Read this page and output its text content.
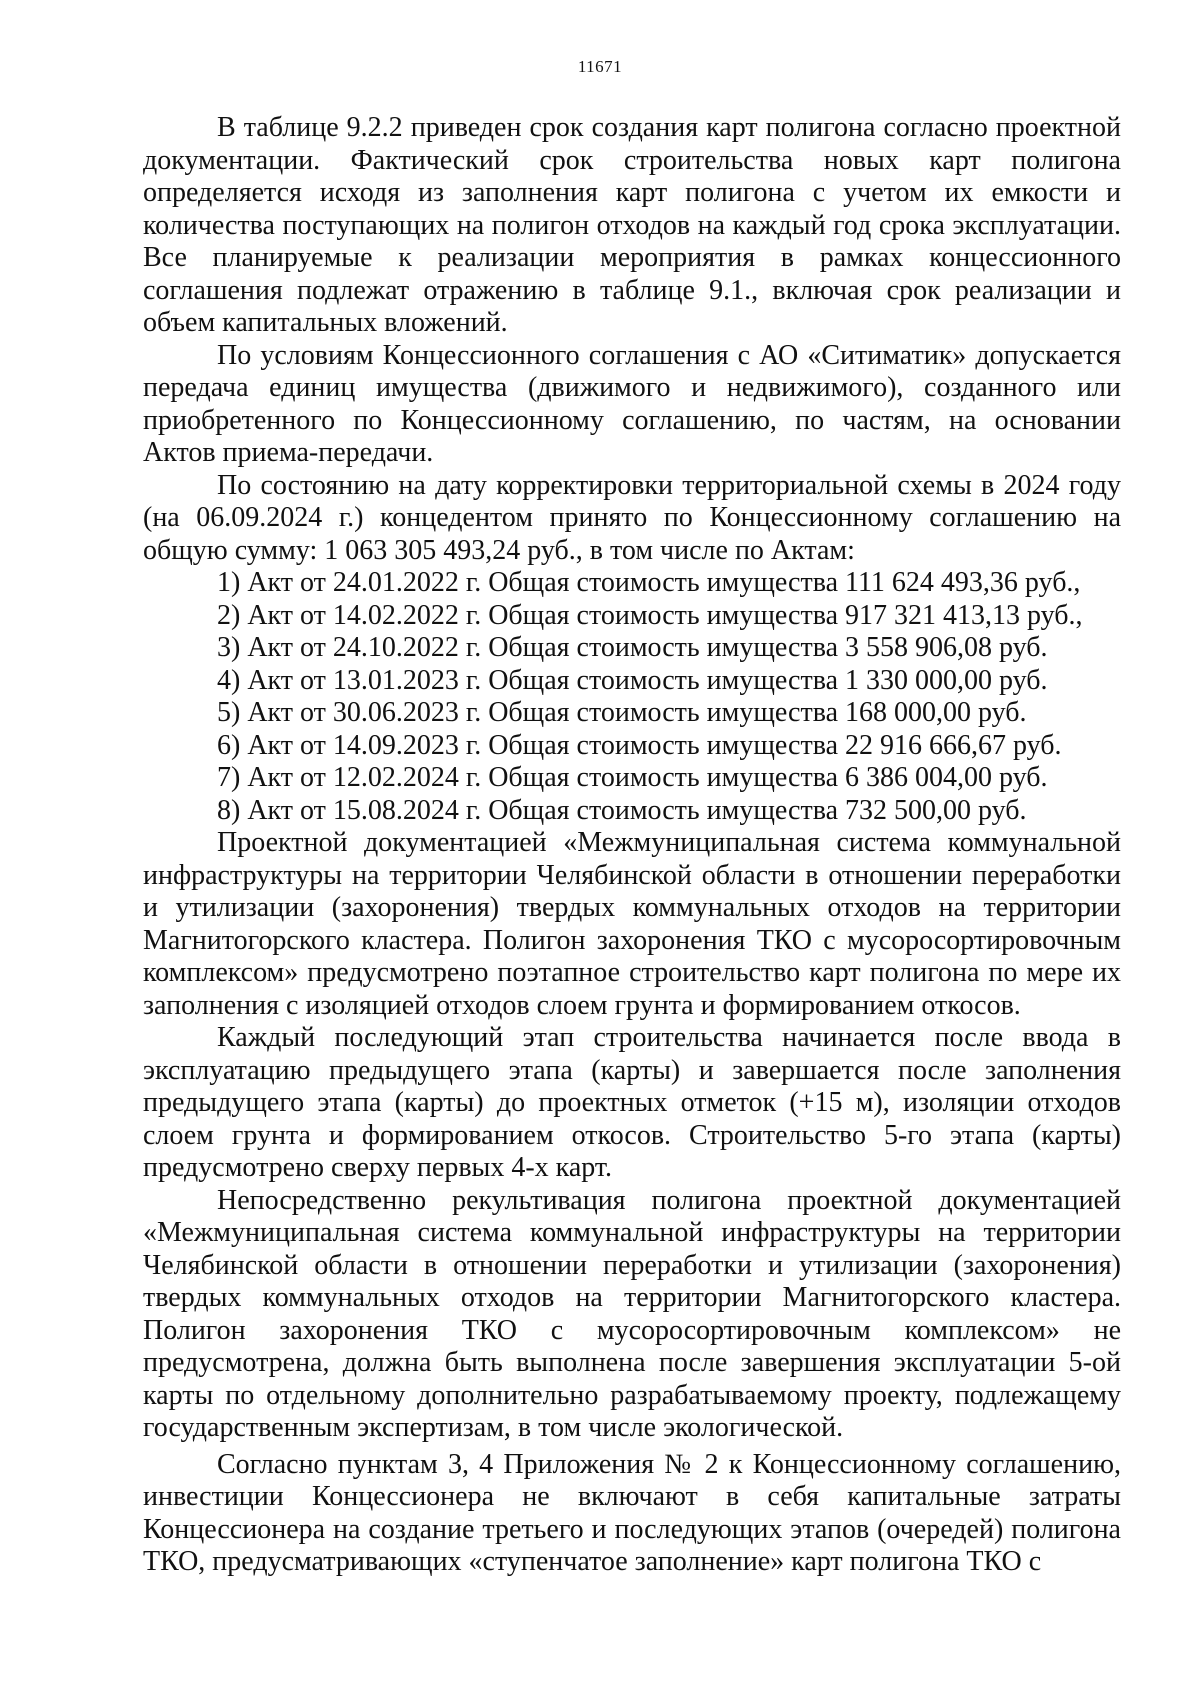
11671

В таблице 9.2.2 приведен срок создания карт полигона согласно проектной документации. Фактический срок строительства новых карт полигона определяется исходя из заполнения карт полигона с учетом их емкости и количества поступающих на полигон отходов на каждый год срока эксплуатации. Все планируемые к реализации мероприятия в рамках концессионного соглашения подлежат отражению в таблице 9.1., включая срок реализации и объем капитальных вложений.

По условиям Концессионного соглашения с АО «Ситиматик» допускается передача единиц имущества (движимого и недвижимого), созданного или приобретенного по Концессионному соглашению, по частям, на основании Актов приема-передачи.

По состоянию на дату корректировки территориальной схемы в 2024 году (на 06.09.2024 г.) концедентом принято по Концессионному соглашению на общую сумму: 1 063 305 493,24 руб., в том числе по Актам:

1) Акт от 24.01.2022 г. Общая стоимость имущества 111 624 493,36 руб.,
2) Акт от 14.02.2022 г. Общая стоимость имущества 917 321 413,13 руб.,
3) Акт от 24.10.2022 г. Общая стоимость имущества 3 558 906,08 руб.
4) Акт от 13.01.2023 г. Общая стоимость имущества 1 330 000,00 руб.
5) Акт от 30.06.2023 г. Общая стоимость имущества 168 000,00 руб.
6) Акт от 14.09.2023 г. Общая стоимость имущества 22 916 666,67 руб.
7) Акт от 12.02.2024 г. Общая стоимость имущества 6 386 004,00 руб.
8) Акт от 15.08.2024 г. Общая стоимость имущества 732 500,00 руб.

Проектной документацией «Межмуниципальная система коммунальной инфраструктуры на территории Челябинской области в отношении переработки и утилизации (захоронения) твердых коммунальных отходов на территории Магнитогорского кластера. Полигон захоронения ТКО с мусоросортировочным комплексом» предусмотрено поэтапное строительство карт полигона по мере их заполнения с изоляцией отходов слоем грунта и формированием откосов.

Каждый последующий этап строительства начинается после ввода в эксплуатацию предыдущего этапа (карты) и завершается после заполнения предыдущего этапа (карты) до проектных отметок (+15 м), изоляции отходов слоем грунта и формированием откосов. Строительство 5-го этапа (карты) предусмотрено сверху первых 4-х карт.

Непосредственно рекультивация полигона проектной документацией «Межмуниципальная система коммунальной инфраструктуры на территории Челябинской области в отношении переработки и утилизации (захоронения) твердых коммунальных отходов на территории Магнитогорского кластера. Полигон захоронения ТКО с мусоросортировочным комплексом» не предусмотрена, должна быть выполнена после завершения эксплуатации 5-ой карты по отдельному дополнительно разрабатываемому проекту, подлежащему государственным экспертизам, в том числе экологической.

Согласно пунктам 3, 4 Приложения № 2 к Концессионному соглашению, инвестиции Концессионера не включают в себя капитальные затраты Концессионера на создание третьего и последующих этапов (очередей) полигона ТКО, предусматривающих «ступенчатое заполнение» карт полигона ТКО с
